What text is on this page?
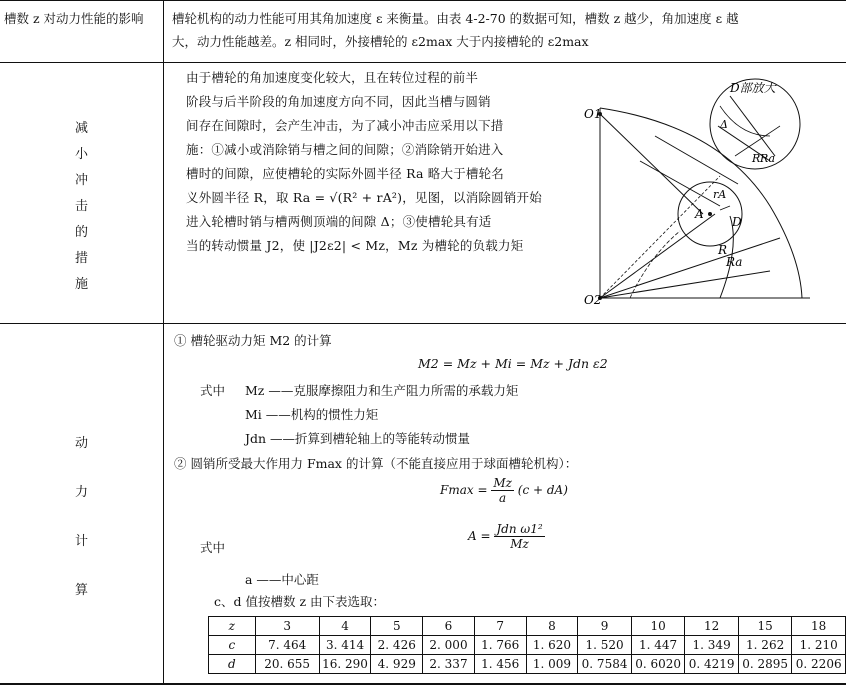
槽数 z 对动力性能的影响	槽轮机构的动力性能可用其角加速度 ε 来衡量。由表 4-2-70 的数据可知，槽数 z 越少，角加速度 ε 越
大，动力性能越差。z 相同时，外接槽轮的 ε2max 大于内接槽轮的 ε2max
减
小
冲
击
的
措
施
由于槽轮的角加速度变化较大，且在转位过程的前半
阶段与后半阶段的角加速度方向不同，因此当槽与圆销
间存在间隙时，会产生冲击，为了减小冲击应采用以下措
施：①减小或消除销与槽之间的间隙；②消除销开始进入
槽时的间隙，应使槽轮的实际外圆半径 Ra 略大于槽轮名
义外圆半径 R，取 Ra = √(R² + rA²)，见图，以消除圆销开始
进入轮槽时销与槽两侧顶端的间隙 Δ；③使槽轮具有适
当的转动惯量 J2，使 |J2ε2| < Mz，Mz 为槽轮的负载力矩
D部放大
O1
O2
A
D
rA
R Ra
Δ
R
Ra
动
力
计
算
① 槽轮驱动力矩 M2 的计算
M2 = Mz + Mi = Mz + Jdn ε2
式中 Mz ——克服摩擦阻力和生产阻力所需的承载力矩
Mi ——机构的惯性力矩
Jdn ——折算到槽轮轴上的等能转动惯量
② 圆销所受最大作用力 Fmax 的计算（不能直接应用于球面槽轮机构）：
$Fmax = \frac{Mz}{a} (c + dA)$
式中
$A = \frac{\text{Jdn ω1²}}{Mz}$
a ——中心距
c、d 值按槽数 z 由下表选取：
z	3	4	5	6	7	8	9	10	12	15	18
c	7. 464	3. 414	2. 426	2. 000	1. 766	1. 620	1. 520	1. 447	1. 349	1. 262	1. 210
d	20. 655	16. 290	4. 929	2. 337	1. 456	1. 009	0. 7584	0. 6020	0. 4219	0. 2895	0. 2206
